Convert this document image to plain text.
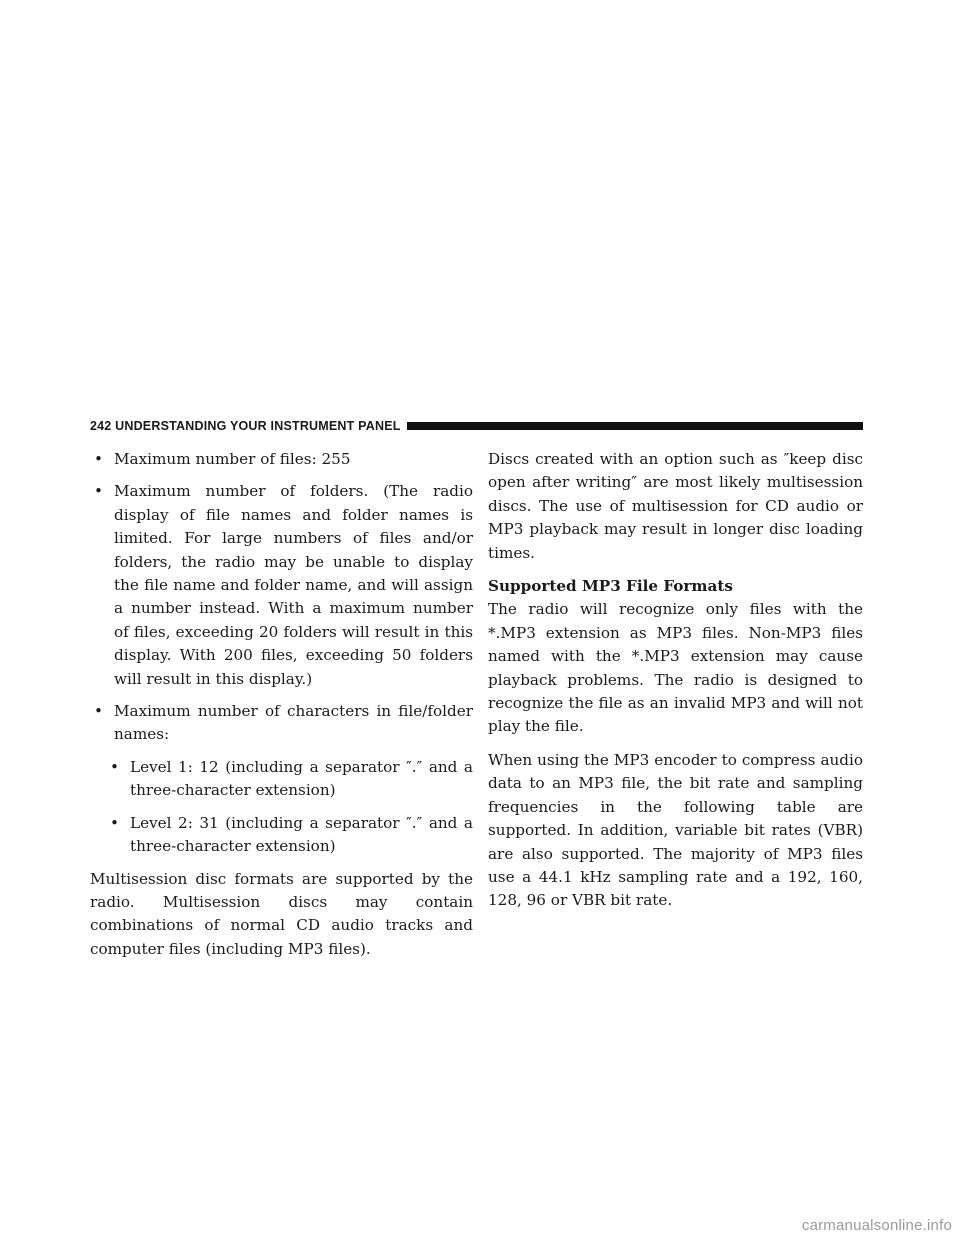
242 UNDERSTANDING YOUR INSTRUMENT PANEL
• Maximum number of files: 255
• Maximum number of folders. (The radio display of file names and folder names is limited. For large numbers of files and/or folders, the radio may be unable to display the file name and folder name, and will assign a number instead. With a maximum number of files, exceeding 20 folders will result in this display. With 200 files, exceeding 50 folders will result in this display.)
• Maximum number of characters in file/folder names:
• Level 1: 12 (including a separator ″.″ and a three-character extension)
• Level 2: 31 (including a separator ″.″ and a three-character extension)

Multisession disc formats are supported by the radio. Multisession discs may contain combinations of normal CD audio tracks and computer files (including MP3 files).

Discs created with an option such as ″keep disc open after writing″ are most likely multisession discs. The use of multisession for CD audio or MP3 playback may result in longer disc loading times.

Supported MP3 File Formats

The radio will recognize only files with the *.MP3 extension as MP3 files. Non-MP3 files named with the *.MP3 extension may cause playback problems. The radio is designed to recognize the file as an invalid MP3 and will not play the file.

When using the MP3 encoder to compress audio data to an MP3 file, the bit rate and sampling frequencies in the following table are supported. In addition, variable bit rates (VBR) are also supported. The majority of MP3 files use a 44.1 kHz sampling rate and a 192, 160, 128, 96 or VBR bit rate.

carmanualsonline.info
